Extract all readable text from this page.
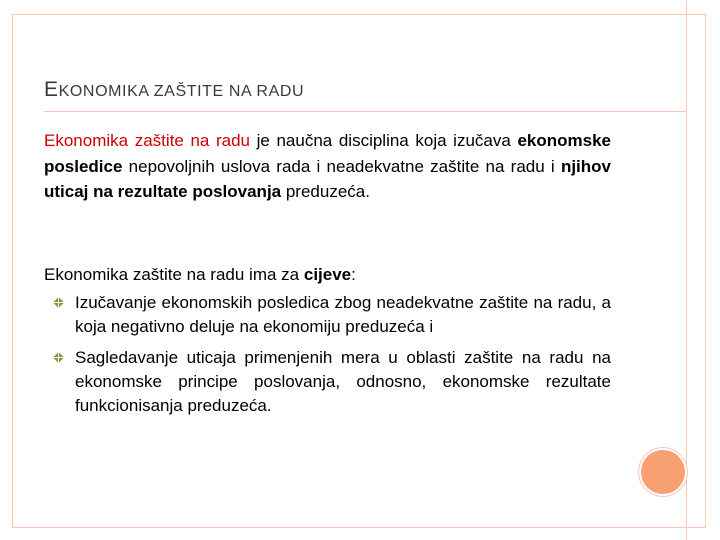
EKONOMIKA ZAŠTITE NA RADU

Ekonomika zaštite na radu je naučna disciplina koja izučava ekonomske posledice nepovoljnih uslova rada i neadekvatne zaštite na radu i njihov uticaj na rezultate poslovanja preduzeća.

Ekonomika zaštite na radu ima za cijeve:

Izučavanje ekonomskih posledica zbog neadekvatne zaštite na radu, a koja negativno deluje na ekonomiju preduzeća i
Sagledavanje uticaja primenjenih mera u oblasti zaštite na radu na ekonomske principe poslovanja, odnosno, ekonomske rezultate funkcionisanja preduzeća.
